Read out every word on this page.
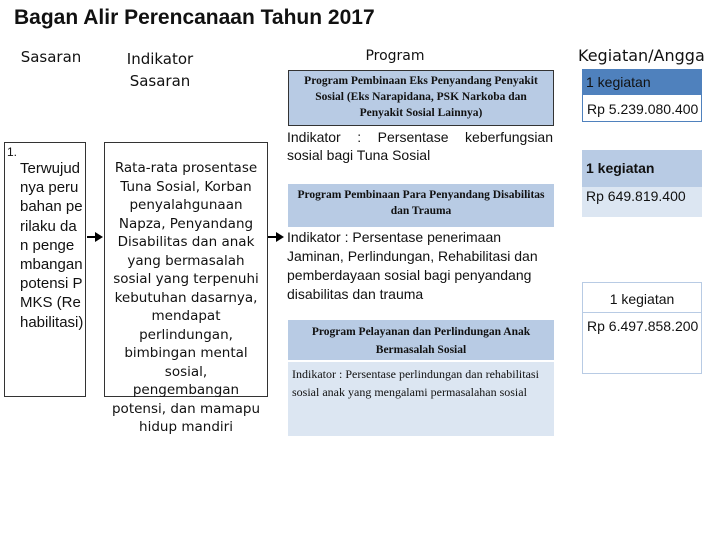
Bagan Alir Perencanaan Tahun 2017
Sasaran	Indikator Sasaran
Program	Kegiatan/Angga
1.
Terwujudnya perubahan perilaku dan pengembangan potensi PMKS (Rehabilitasi)
Rata-rata prosentase Tuna Sosial, Korban penyalahgunaan Napza, Penyandang Disabilitas dan anak yang bermasalah sosial yang terpenuhi kebutuhan dasarnya, mendapat perlindungan, bimbingan mental sosial, pengembangan potensi, dan mamapu hidup mandiri
Program Pembinaan Eks Penyandang Penyakit Sosial (Eks Narapidana, PSK Narkoba dan Penyakit Sosial Lainnya)
Indikator : Persentase keberfungsian sosial bagi Tuna Sosial
Program Pembinaan Para Penyandang Disabilitas dan Trauma
Indikator : Persentase penerimaan Jaminan, Perlindungan, Rehabilitasi dan pemberdayaan sosial bagi penyandang disabilitas dan trauma
Program Pelayanan dan Perlindungan Anak Bermasalah Sosial
Indikator : Persentase perlindungan dan rehabilitasi sosial anak yang mengalami permasalahan sosial
1 kegiatan
Rp 5.239.080.400
1 kegiatan
Rp 649.819.400
1 kegiatan
Rp 6.497.858.200
